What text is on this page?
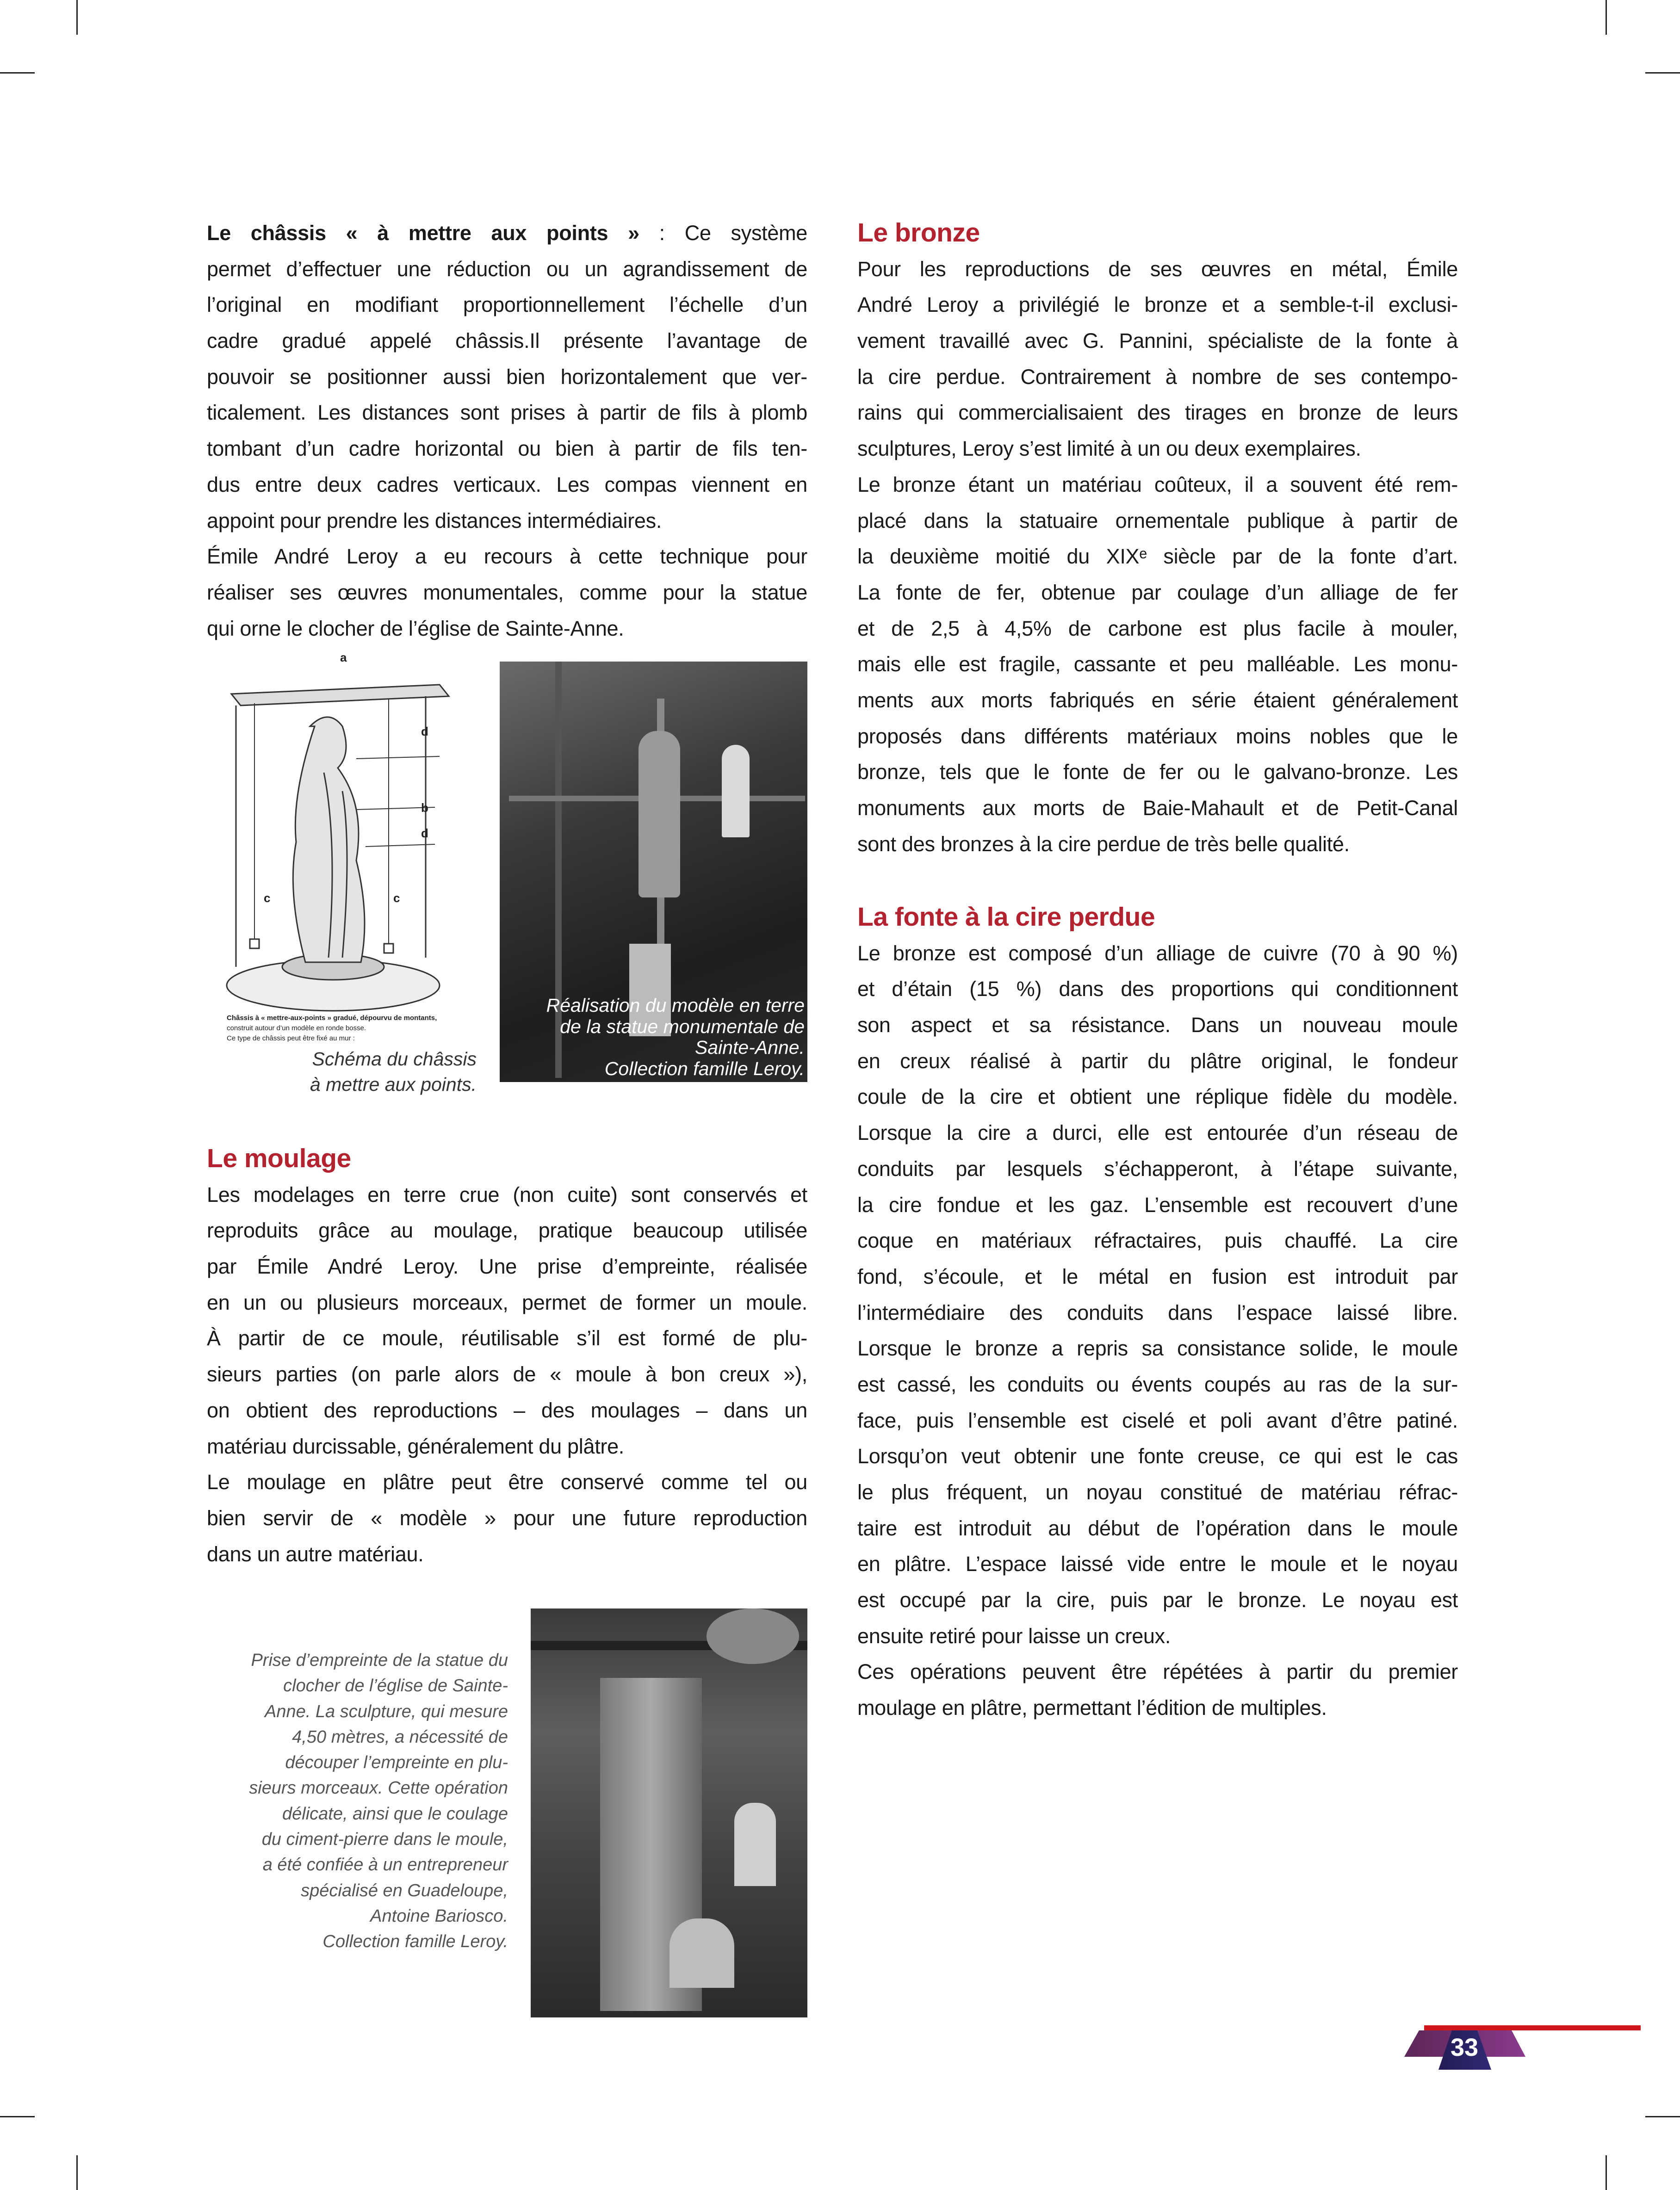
Le châssis « à mettre aux points » : Ce système
permet d’effectuer une réduction ou un agrandissement de
l’original en modifiant proportionnellement l’échelle d’un
cadre gradué appelé châssis.Il présente l’avantage de
pouvoir se positionner aussi bien horizontalement que ver-
ticalement. Les distances sont prises à partir de fils à plomb
tombant d’un cadre horizontal ou bien à partir de fils ten-
dus entre deux cadres verticaux. Les compas viennent en
appoint pour prendre les distances intermédiaires.
Émile André Leroy a eu recours à cette technique pour
réaliser ses œuvres monumentales, comme pour la statue
qui orne le clocher de l’église de Sainte-Anne.
Le moulage
Les modelages en terre crue (non cuite) sont conservés et
reproduits grâce au moulage, pratique beaucoup utilisée
par Émile André Leroy. Une prise d’empreinte, réalisée
en un ou plusieurs morceaux, permet de former un moule.
À partir de ce moule, réutilisable s’il est formé de plu-
sieurs parties (on parle alors de « moule à bon creux »),
on obtient des reproductions – des moulages – dans un
matériau durcissable, généralement du plâtre.
Le moulage en plâtre peut être conservé comme tel ou
bien servir de « modèle » pour une future reproduction
dans un autre matériau.
Le bronze
Pour les reproductions de ses œuvres en métal, Émile
André Leroy a privilégié le bronze et a semble-t-il exclusi-
vement travaillé avec G. Pannini, spécialiste de la fonte à
la cire perdue. Contrairement à nombre de ses contempo-
rains qui commercialisaient des tirages en bronze de leurs
sculptures, Leroy s’est limité à un ou deux exemplaires.
Le bronze étant un matériau coûteux, il a souvent été rem-
placé dans la statuaire ornementale publique à partir de
la deuxième moitié du XIXᵉ siècle par de la fonte d’art.
La fonte de fer, obtenue par coulage d’un alliage de fer
et de 2,5 à 4,5% de carbone est plus facile à mouler,
mais elle est fragile, cassante et peu malléable. Les monu-
ments aux morts fabriqués en série étaient généralement
proposés dans différents matériaux moins nobles que le
bronze, tels que le fonte de fer ou le galvano-bronze. Les
monuments aux morts de Baie-Mahault et de Petit-Canal
sont des bronzes à la cire perdue de très belle qualité.
La fonte à la cire perdue
Le bronze est composé d’un alliage de cuivre (70 à 90 %)
et d’étain (15 %) dans des proportions qui conditionnent
son aspect et sa résistance. Dans un nouveau moule
en creux réalisé à partir du plâtre original, le fondeur
coule de la cire et obtient une réplique fidèle du modèle.
Lorsque la cire a durci, elle est entourée d’un réseau de
conduits par lesquels s’échapperont, à l’étape suivante,
la cire fondue et les gaz. L’ensemble est recouvert d’une
coque en matériaux réfractaires, puis chauffé. La cire
fond, s’écoule, et le métal en fusion est introduit par
l’intermédiaire des conduits dans l’espace laissé libre.
Lorsque le bronze a repris sa consistance solide, le moule
est cassé, les conduits ou évents coupés au ras de la sur-
face, puis l’ensemble est ciselé et poli avant d’être patiné.
Lorsqu’on veut obtenir une fonte creuse, ce qui est le cas
le plus fréquent, un noyau constitué de matériau réfrac-
taire est introduit au début de l’opération dans le moule
en plâtre. L’espace laissé vide entre le moule et le noyau
est occupé par la cire, puis par le bronze. Le noyau est
ensuite retiré pour laisse un creux.
Ces opérations peuvent être répétées à partir du premier
moulage en plâtre, permettant l’édition de multiples.
a
d
b
d
c	c
Châssis à « mettre-aux-points » gradué, dépourvu de montants,
construit autour d’un modèle en ronde bosse.
Ce type de châssis peut être fixé au mur :
Schéma du châssis
à mettre aux points.
Réalisation du modèle en terre
de la statue monumentale de
Sainte-Anne.
Collection famille Leroy.
Prise d’empreinte de la statue du
clocher de l’église de Sainte-
Anne. La sculpture, qui mesure
4,50 mètres, a nécessité de
découper l’empreinte en plu-
sieurs morceaux. Cette opération
délicate, ainsi que le coulage
du ciment-pierre dans le moule,
a été confiée à un entrepreneur
spécialisé en Guadeloupe,
Antoine Bariosco.
Collection famille Leroy.
33
